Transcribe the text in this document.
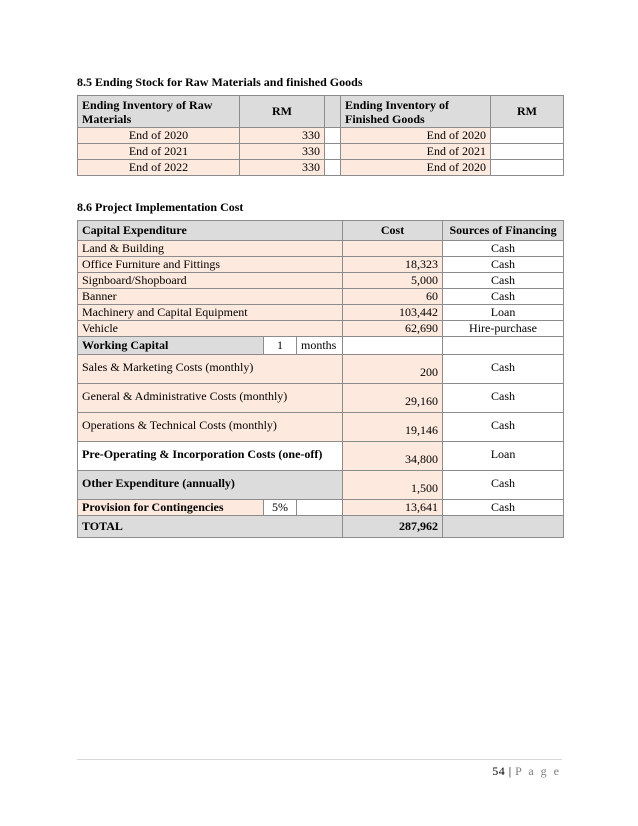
8.5 Ending Stock for Raw Materials and finished Goods
Ending Inventory of Raw Materials	RM		Ending Inventory of Finished Goods	RM
End of 2020	330		End of 2020	
End of 2021	330		End of 2021	
End of 2022	330		End of 2020	
8.6 Project Implementation Cost
Capital Expenditure			Cost	Sources of Financing
Land & Building				Cash
Office Furniture and Fittings			18,323	Cash
Signboard/Shopboard			5,000	Cash
Banner			60	Cash
Machinery and Capital Equipment			103,442	Loan
Vehicle			62,690	Hire-purchase
Working Capital	1	months		
Sales & Marketing Costs (monthly)			200	Cash
General & Administrative Costs (monthly)			29,160	Cash
Operations & Technical Costs (monthly)			19,146	Cash
Pre-Operating & Incorporation Costs (one-off)			34,800	Loan
Other Expenditure (annually)			1,500	Cash
Provision for Contingencies	5%		13,641	Cash
TOTAL			287,962	
54 | P a g e
